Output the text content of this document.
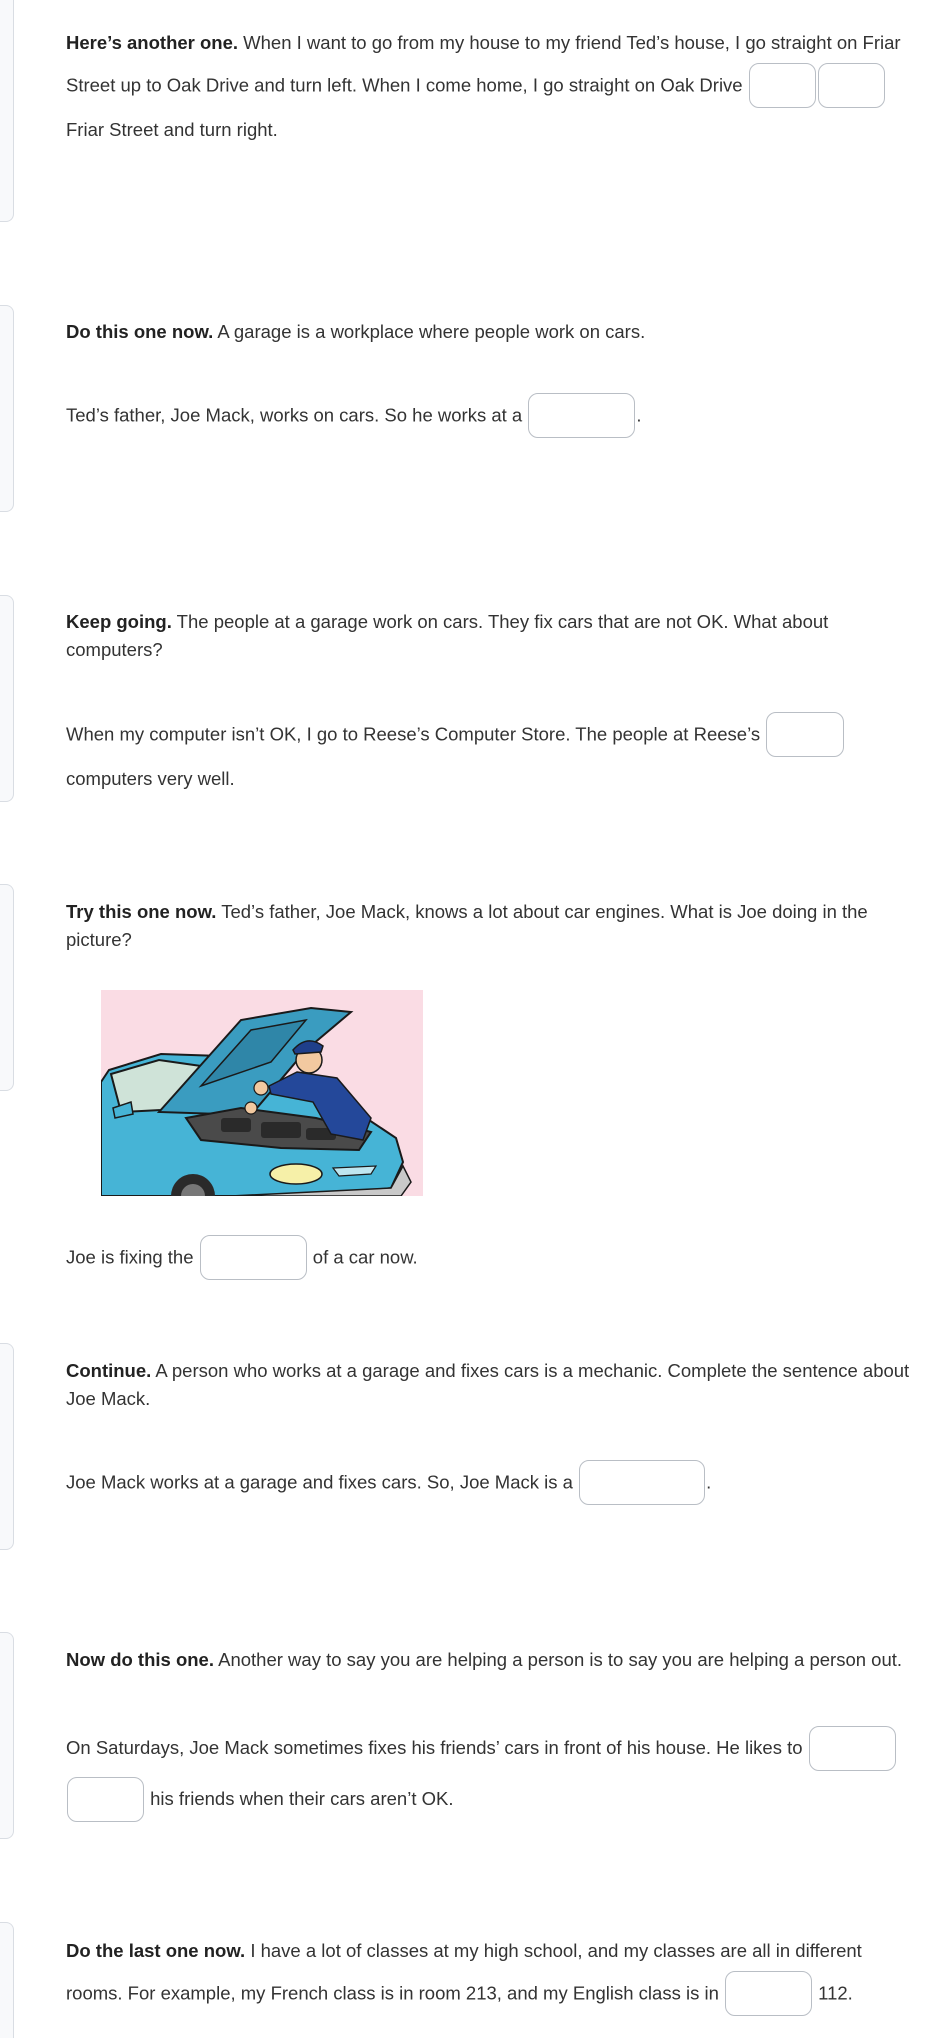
Here’s another one. When I want to go from my house to my friend Ted’s house, I go straight on Friar Street up to Oak Drive and turn left. When I come home, I go straight on Oak Drive
Friar Street and turn right.
Do this one now. A garage is a workplace where people work on cars.
Ted’s father, Joe Mack, works on cars. So he works at a	.
Keep going. The people at a garage work on cars. They fix cars that are not OK. What about computers?
When my computer isn’t OK, I go to Reese’s Computer Store. The people at Reese’s
computers very well.
Try this one now. Ted’s father, Joe Mack, knows a lot about car engines. What is Joe doing in the picture?
Joe is fixing the	of a car now.
Continue. A person who works at a garage and fixes cars is a mechanic. Complete the sentence about Joe Mack.
Joe Mack works at a garage and fixes cars. So, Joe Mack is a	.
Now do this one. Another way to say you are helping a person is to say you are helping a person out.
On Saturdays, Joe Mack sometimes fixes his friends’ cars in front of his house. He likes to
his friends when their cars aren’t OK.
Do the last one now. I have a lot of classes at my high school, and my classes are all in different rooms. For example, my French class is in room 213, and my English class is in	112.
